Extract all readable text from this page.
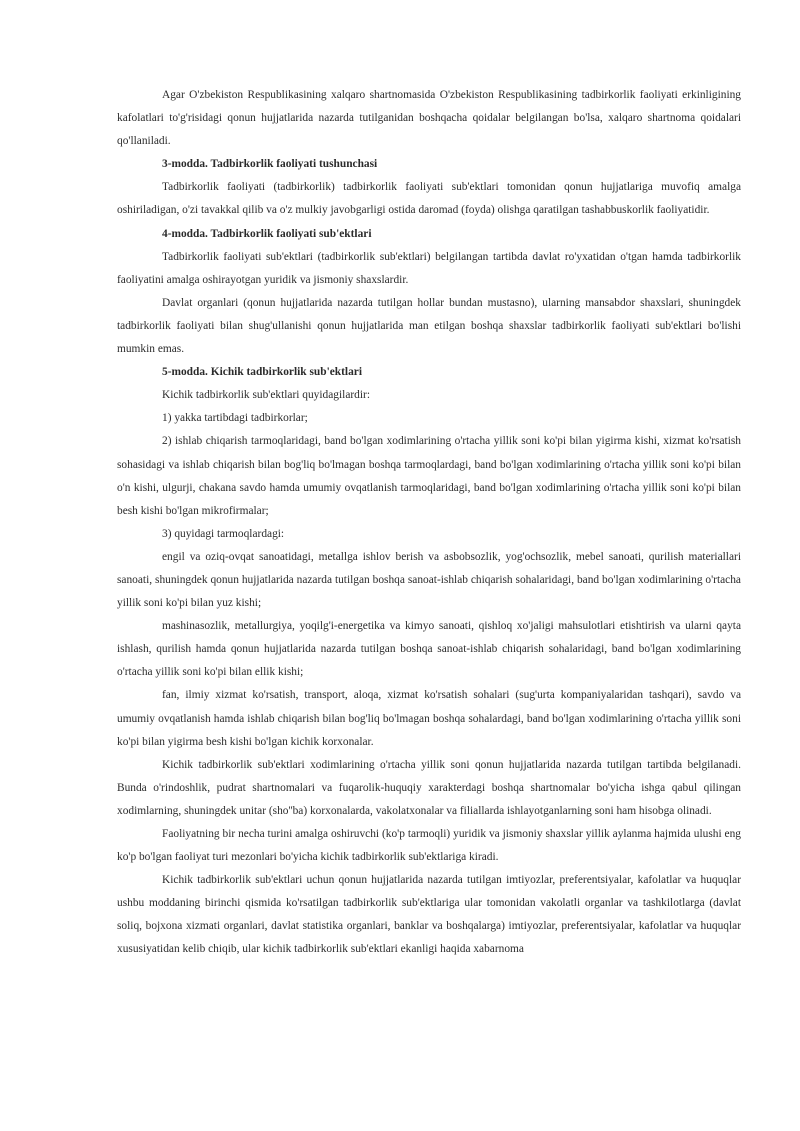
Agar O'zbekiston Respublikasining xalqaro shartnomasida O'zbekiston Respublikasining tadbirkorlik faoliyati erkinligining kafolatlari to'g'risidagi qonun hujjatlarida nazarda tutilganidan boshqacha qoidalar belgilangan bo'lsa, xalqaro shartnoma qoidalari qo'llaniladi.

3-modda. Tadbirkorlik faoliyati tushunchasi

Tadbirkorlik faoliyati (tadbirkorlik) tadbirkorlik faoliyati sub'ektlari tomonidan qonun hujjatlariga muvofiq amalga oshiriladigan, o'zi tavakkal qilib va o'z mulkiy javobgarligi ostida daromad (foyda) olishga qaratilgan tashabbuskorlik faoliyatidir.

4-modda. Tadbirkorlik faoliyati sub'ektlari

Tadbirkorlik faoliyati sub'ektlari (tadbirkorlik sub'ektlari) belgilangan tartibda davlat ro'yxatidan o'tgan hamda tadbirkorlik faoliyatini amalga oshirayotgan yuridik va jismoniy shaxslardir.

Davlat organlari (qonun hujjatlarida nazarda tutilgan hollar bundan mustasno), ularning mansabdor shaxslari, shuningdek tadbirkorlik faoliyati bilan shug'ullanishi qonun hujjatlarida man etilgan boshqa shaxslar tadbirkorlik faoliyati sub'ektlari bo'lishi mumkin emas.

5-modda. Kichik tadbirkorlik sub'ektlari

Kichik tadbirkorlik sub'ektlari quyidagilardir:

1) yakka tartibdagi tadbirkorlar;

2) ishlab chiqarish tarmoqlaridagi, band bo'lgan xodimlarining o'rtacha yillik soni ko'pi bilan yigirma kishi, xizmat ko'rsatish sohasidagi va ishlab chiqarish bilan bog'liq bo'lmagan boshqa tarmoqlardagi, band bo'lgan xodimlarining o'rtacha yillik soni ko'pi bilan o'n kishi, ulgurji, chakana savdo hamda umumiy ovqatlanish tarmoqlaridagi, band bo'lgan xodimlarining o'rtacha yillik soni ko'pi bilan besh kishi bo'lgan mikrofirmalar;

3) quyidagi tarmoqlardagi:

engil va oziq-ovqat sanoatidagi, metallga ishlov berish va asbobsozlik, yog'ochsozlik, mebel sanoati, qurilish materiallari sanoati, shuningdek qonun hujjatlarida nazarda tutilgan boshqa sanoat-ishlab chiqarish sohalaridagi, band bo'lgan xodimlarining o'rtacha yillik soni ko'pi bilan yuz kishi;

mashinasozlik, metallurgiya, yoqilg'i-energetika va kimyo sanoati, qishloq xo'jaligi mahsulotlari etishtirish va ularni qayta ishlash, qurilish hamda qonun hujjatlarida nazarda tutilgan boshqa sanoat-ishlab chiqarish sohalaridagi, band bo'lgan xodimlarining o'rtacha yillik soni ko'pi bilan ellik kishi;

fan, ilmiy xizmat ko'rsatish, transport, aloqa, xizmat ko'rsatish sohalari (sug'urta kompaniyalaridan tashqari), savdo va umumiy ovqatlanish hamda ishlab chiqarish bilan bog'liq bo'lmagan boshqa sohalardagi, band bo'lgan xodimlarining o'rtacha yillik soni ko'pi bilan yigirma besh kishi bo'lgan kichik korxonalar.

Kichik tadbirkorlik sub'ektlari xodimlarining o'rtacha yillik soni qonun hujjatlarida nazarda tutilgan tartibda belgilanadi. Bunda o'rindoshlik, pudrat shartnomalari va fuqarolik-huquqiy xarakterdagi boshqa shartnomalar bo'yicha ishga qabul qilingan xodimlarning, shuningdek unitar (sho''ba) korxonalarda, vakolatxonalar va filiallarda ishlayotganlarning soni ham hisobga olinadi.

Faoliyatning bir necha turini amalga oshiruvchi (ko'p tarmoqli) yuridik va jismoniy shaxslar yillik aylanma hajmida ulushi eng ko'p bo'lgan faoliyat turi mezonlari bo'yicha kichik tadbirkorlik sub'ektlariga kiradi.

Kichik tadbirkorlik sub'ektlari uchun qonun hujjatlarida nazarda tutilgan imtiyozlar, preferentsiyalar, kafolatlar va huquqlar ushbu moddaning birinchi qismida ko'rsatilgan tadbirkorlik sub'ektlariga ular tomonidan vakolatli organlar va tashkilotlarga (davlat soliq, bojxona xizmati organlari, davlat statistika organlari, banklar va boshqalarga) imtiyozlar, preferentsiyalar, kafolatlar va huquqlar xususiyatidan kelib chiqib, ular kichik tadbirkorlik sub'ektlari ekanligi haqida xabarnoma
